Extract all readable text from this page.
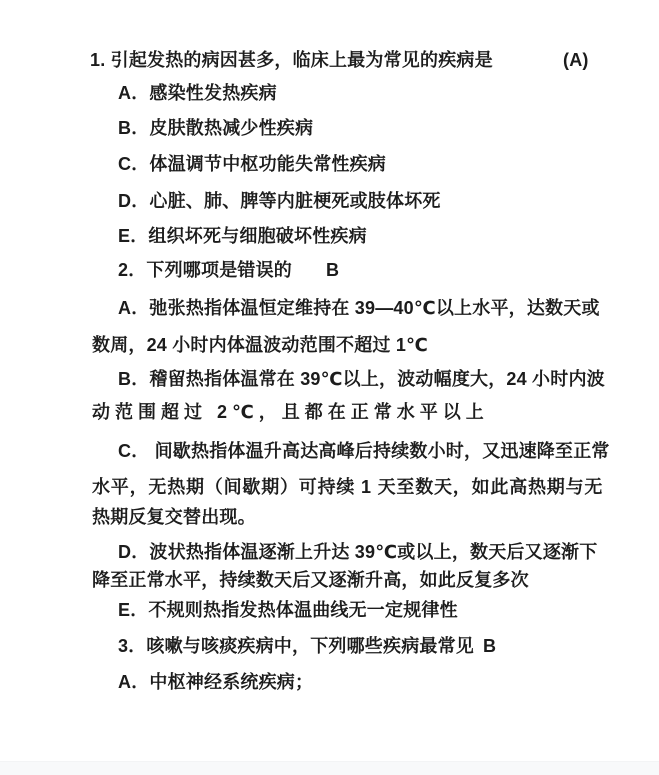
1. 引起发热的病因甚多，临床上最为常见的疾病是	(A)
A．感染性发热疾病
B．皮肤散热减少性疾病
C．体温调节中枢功能失常性疾病
D．心脏、肺、脾等内脏梗死或肢体坏死
E．组织坏死与细胞破坏性疾病
2．下列哪项是错误的 B
A．弛张热指体温恒定维持在 39—40℃以上水平，达数天或
数周，24 小时内体温波动范围不超过 1℃
B．稽留热指体温常在 39℃以上，波动幅度大，24 小时内波
动范围超过 2℃，且都在正常水平以上
C． 间歇热指体温升高达高峰后持续数小时，又迅速降至正常
水平，无热期（间歇期）可持续 1 天至数天，如此高热期与无
热期反复交替出现。
D．波状热指体温逐渐上升达 39℃或以上，数天后又逐渐下
降至正常水平，持续数天后又逐渐升高，如此反复多次
E．不规则热指发热体温曲线无一定规律性
3．咳嗽与咳痰疾病中，下列哪些疾病最常见 B
A．中枢神经系统疾病；
